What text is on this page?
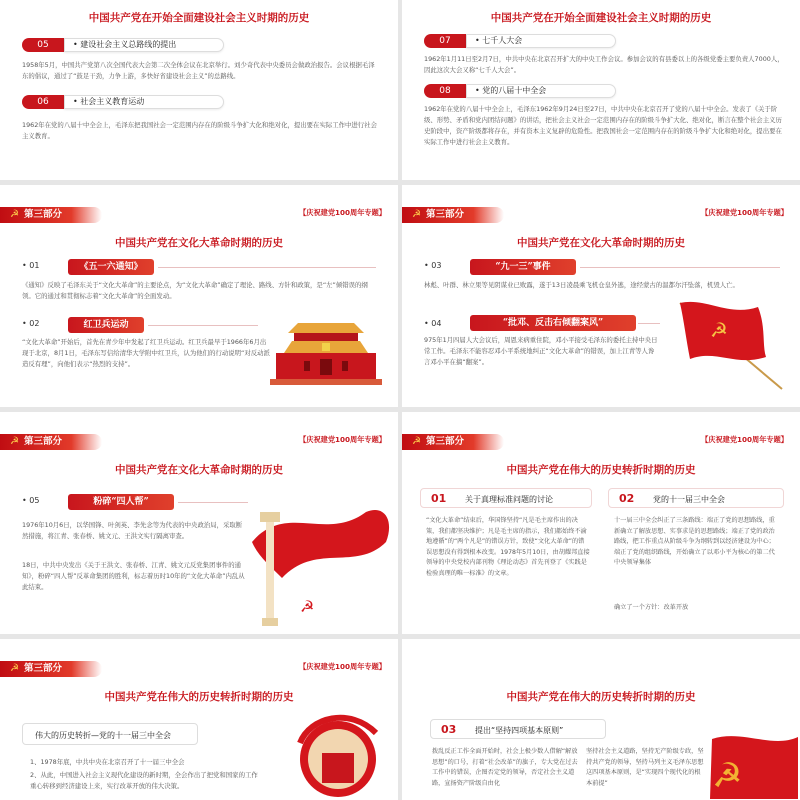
中国共产党在开始全面建设社会主义时期的历史
05	• 建设社会主义总路线的提出
1958年5月，中国共产党第八次全国代表大会第二次全体会议在北京举行。刘少奇代表中央委员会做政治报告。会议根据毛泽东的倡议，通过了“鼓足干劲，力争上游，多快好省建设社会主义”的总路线。
06	• 社会主义教育运动
1962年在党的八届十中全会上，毛泽东把我国社会一定范围内存在的阶级斗争扩大化和绝对化，提出要在实际工作中进行社会主义教育。
中国共产党在开始全面建设社会主义时期的历史
07	• 七千人大会
1962年1月11日至2月7日，中共中央在北京召开扩大的中央工作会议。参加会议的有县委以上的各级党委主要负责人7000人，因此这次大会又称“七千人大会”。
08	• 党的八届十中全会
1962年在党的八届十中全会上，毛泽东1962年9月24日至27日，中共中央在北京召开了党的八届十中全会。发表了《关于阶级、形势、矛盾和党内团结问题》的讲话，把社会主义社会一定范围内存在的阶级斗争扩大化、绝对化，断言在整个社会主义历史阶段中，资产阶级都将存在，并有资本主义复辟的危险性。把我国社会一定范围内存在的阶级斗争扩大化和绝对化，提出要在实际工作中进行社会主义教育。
☭ 第三部分	【庆祝建党100周年专题】
中国共产党在文化大革命时期的历史
• 01	《五一六通知》
《通知》反映了毛泽东关于“文化大革命”的主要论点，为“文化大革命”确定了理论、路线、方针和政策，是“左”倾错误的纲领。它的通过和贯彻标志着“文化大革命”的全面发动。
• 02	红卫兵运动
“文化大革命”开始后，首先在青少年中发起了红卫兵运动。红卫兵最早于1966年6月出现于北京，8月1日，毛泽东写信给清华大学附中红卫兵，认为他们的行动说明“对反动派造反有理”，向他们表示“热烈的支持”。
☭ 第三部分	【庆祝建党100周年专题】
中国共产党在文化大革命时期的历史
• 03	“九一三”事件
林彪、叶群、林立果等见阴谋业已败露，遂于13日凌晨乘飞机仓皇外逃，途经蒙古的温都尔汗坠落，机毁人亡。
• 04	“批邓、反击右倾翻案风”
975年1月四届人大会议后，周恩来病重住院，邓小平接受毛泽东的委托主持中央日常工作。毛泽东不能容忍邓小平系统地纠正“文化大革命”的错误，加上江青等人谗言邓小平在搞“翻案”。
☭
☭ 第三部分	【庆祝建党100周年专题】
中国共产党在文化大革命时期的历史
• 05	粉碎“四人帮”
1976年10月6日，以华国锋、叶剑英、李先念等为代表的中央政治局，采取断然措施，将江青、张春桥、姚文元、王洪文实行隔离审查。
18日，中共中央发出《关于王洪文、张春桥、江青、姚文元反党集团事件的通知》，粉碎“四人帮”反革命集团的胜利，标志着历时10年的“文化大革命”内乱从此结束。
☭
☭ 第三部分	【庆祝建党100周年专题】
中国共产党在伟大的历史转折时期的历史
01 关于真理标准问题的讨论
“文化大革命”结束后，华国锋坚持“凡是毛主席作出的决策，我们都坚决维护；凡是毛主席的指示，我们都始终不渝地遵循”的“两个凡是”的错误方针，致使“文化大革命”的错误思想没有得到根本改变。1978年5月10日，由胡耀邦直接领导的中央党校内部刊物《理论动态》首先刊登了《实践是检验真理的唯一标准》的文章。
02 党的十一届三中全会
十一届三中全会纠正了三条路线：端正了党的思想路线，重新确立了解放思想、实事求是的思想路线；端正了党的政治路线，把工作重点从阶级斗争为纲转到以经济建设为中心；端正了党的组织路线，开始确立了以邓小平为核心的第二代中央领导集体
确立了一个方针：改革开放
☭ 第三部分	【庆祝建党100周年专题】
中国共产党在伟大的历史转折时期的历史
伟大的历史转折—党的十一届三中全会
1、1978年底，中共中央在北京召开了十一届三中全会
2、从此，中国进入社会主义现代化建设的新时期，全会作出了把党和国家的工作重心转移到经济建设上来，实行改革开放的伟大决策。
中国共产党在伟大的历史转折时期的历史
03 提出“坚持四项基本原则”
拨乱反正工作全面开始时，社会上极少数人借解“解放思想”的口号，打着“社会改革”的旗子，专大党在过去工作中的错误，企图否定党的领导，否定社会主义道路，宣扬资产阶级自由化
坚持社会主义道路，坚持无产阶级专政，坚持共产党的领导，坚持马列主义毛泽东思想这四项基本原则，是“实现四个现代化的根本前提”	☭
